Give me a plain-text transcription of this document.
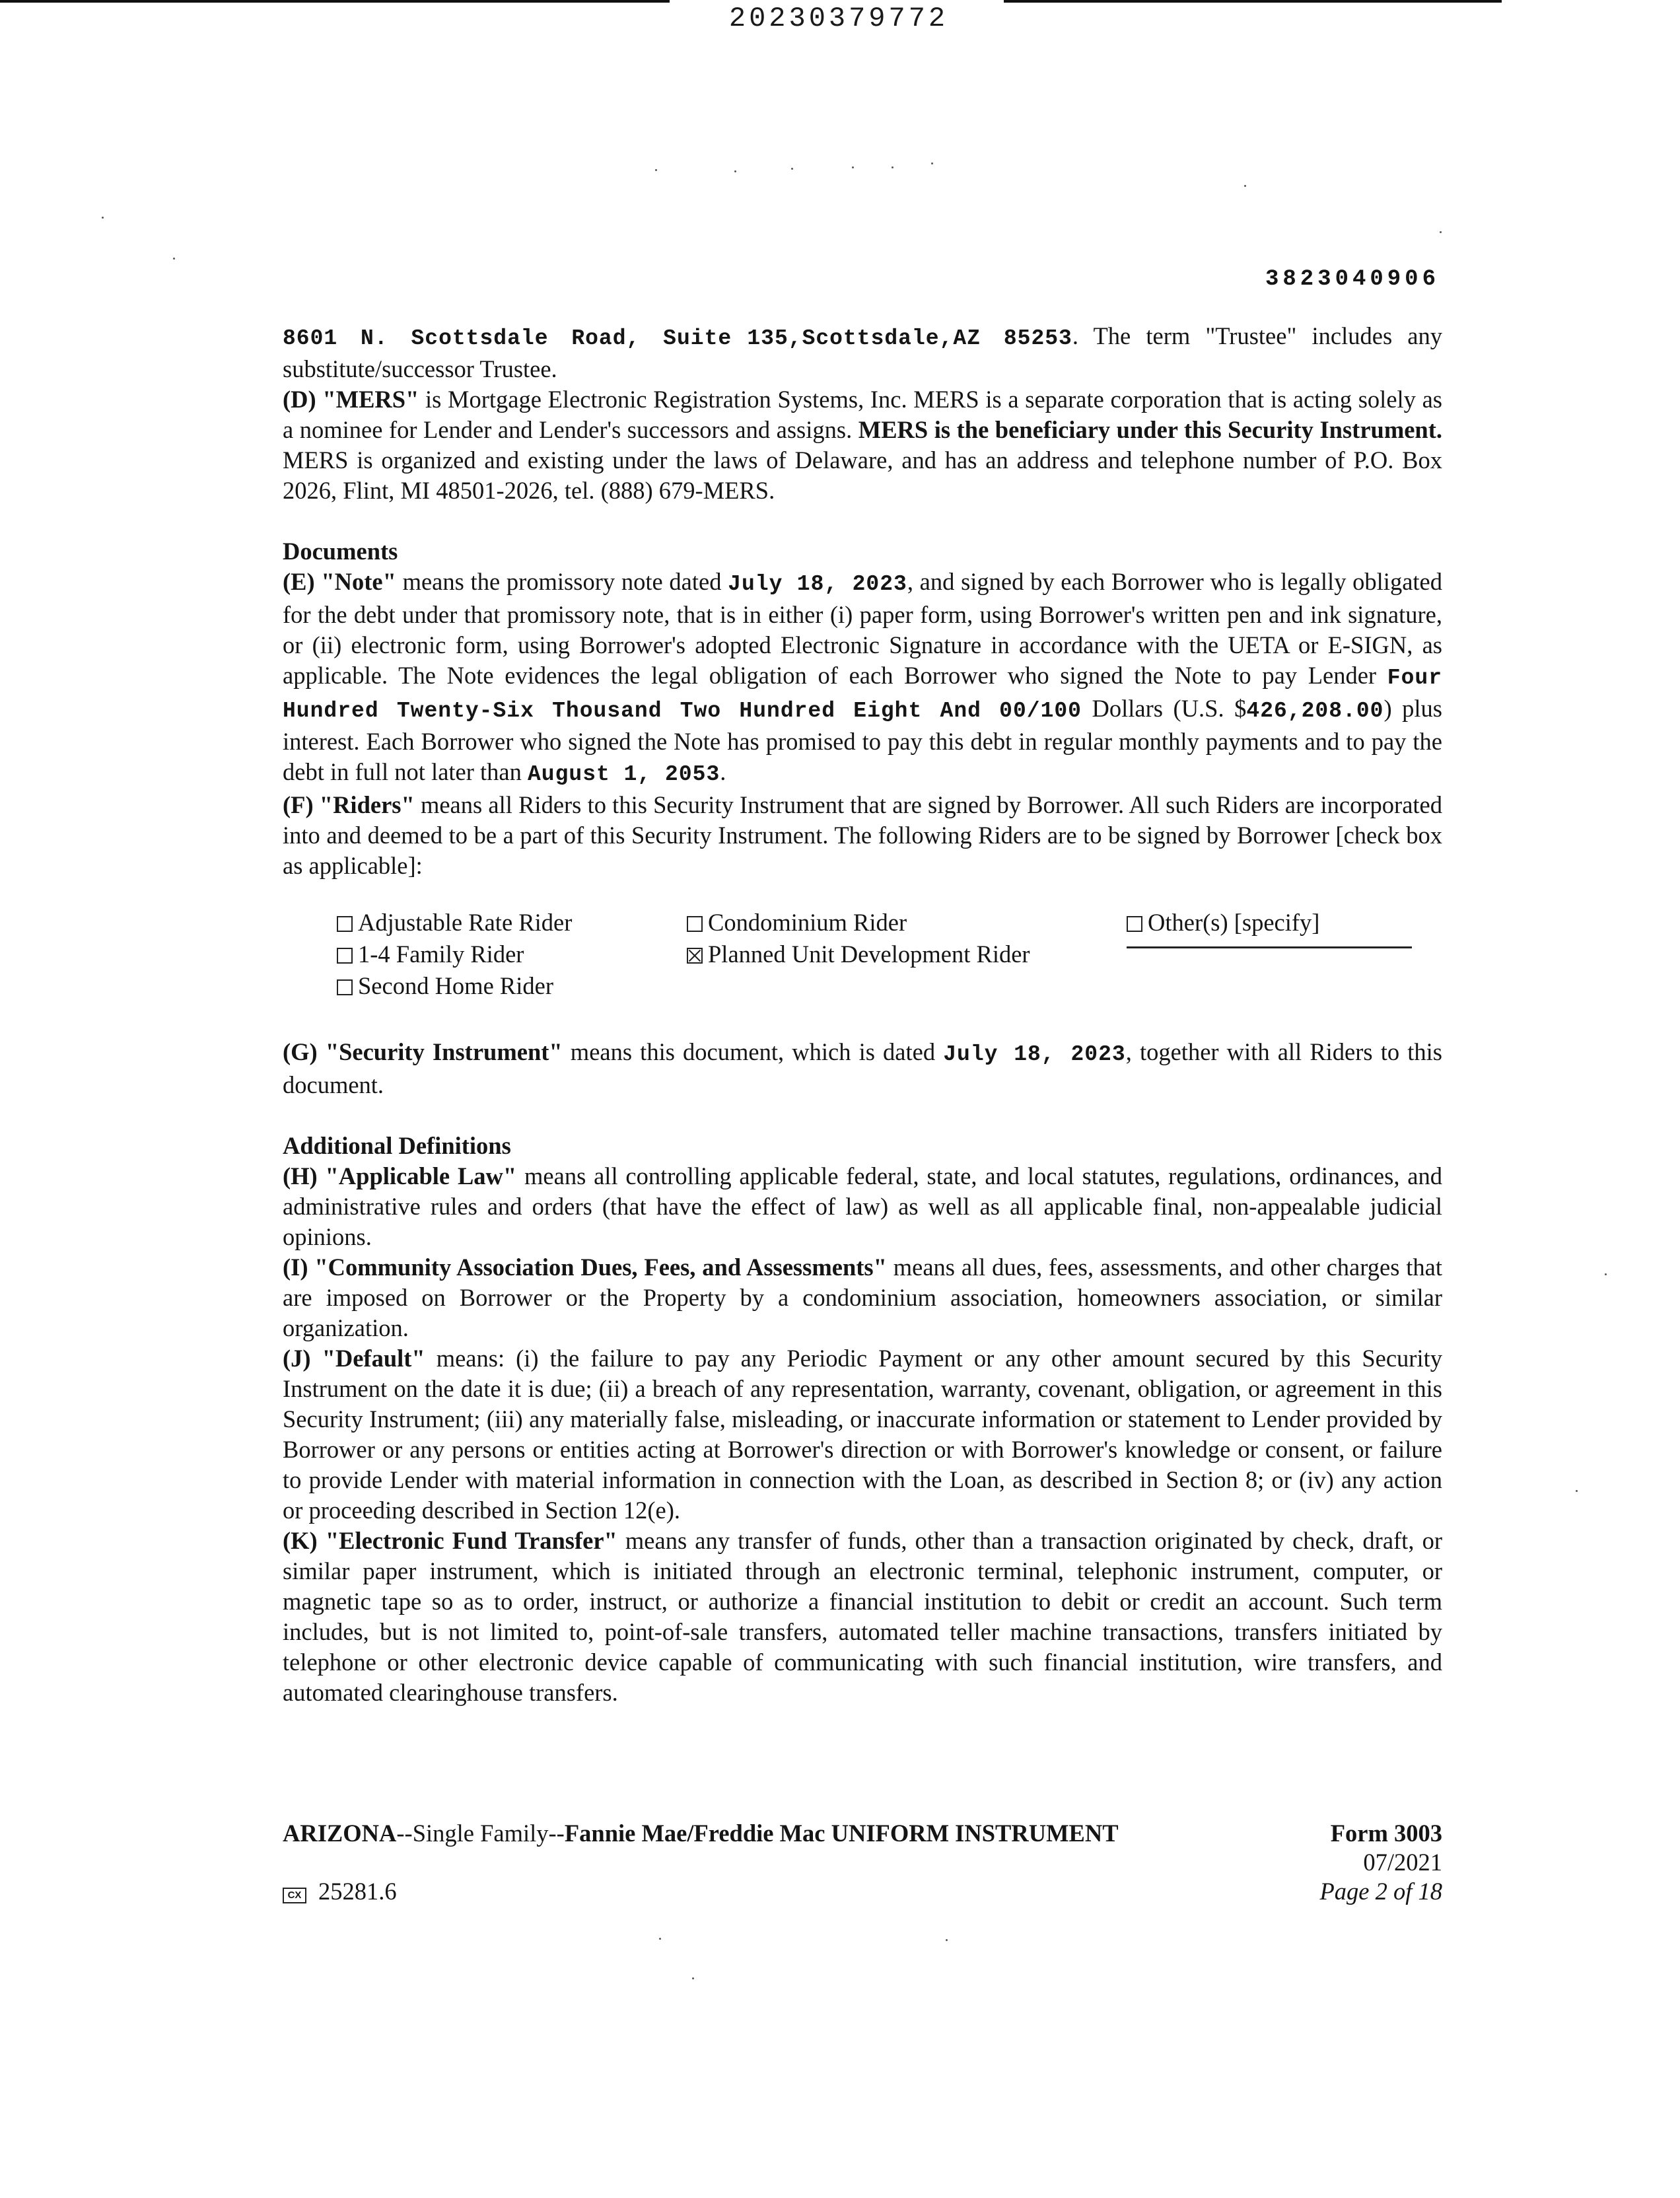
20230379772
3823040906

8601 N. Scottsdale Road, Suite 135,Scottsdale,AZ 85253. The term "Trustee" includes any substitute/successor Trustee.

(D) "MERS" is Mortgage Electronic Registration Systems, Inc. MERS is a separate corporation that is acting solely as a nominee for Lender and Lender's successors and assigns. MERS is the beneficiary under this Security Instrument. MERS is organized and existing under the laws of Delaware, and has an address and telephone number of P.O. Box 2026, Flint, MI 48501-2026, tel. (888) 679-MERS.

Documents

(E) "Note" means the promissory note dated July 18, 2023, and signed by each Borrower who is legally obligated for the debt under that promissory note, that is in either (i) paper form, using Borrower's written pen and ink signature, or (ii) electronic form, using Borrower's adopted Electronic Signature in accordance with the UETA or E-SIGN, as applicable. The Note evidences the legal obligation of each Borrower who signed the Note to pay Lender Four Hundred Twenty-Six Thousand Two Hundred Eight And 00/100 Dollars (U.S. $426,208.00) plus interest. Each Borrower who signed the Note has promised to pay this debt in regular monthly payments and to pay the debt in full not later than August 1, 2053.

(F) "Riders" means all Riders to this Security Instrument that are signed by Borrower. All such Riders are incorporated into and deemed to be a part of this Security Instrument. The following Riders are to be signed by Borrower [check box as applicable]:

Adjustable Rate Rider	Condominium Rider	Other(s) [specify]
1-4 Family Rider	Planned Unit Development Rider
Second Home Rider

(G) "Security Instrument" means this document, which is dated July 18, 2023, together with all Riders to this document.

Additional Definitions

(H) "Applicable Law" means all controlling applicable federal, state, and local statutes, regulations, ordinances, and administrative rules and orders (that have the effect of law) as well as all applicable final, non-appealable judicial opinions.

(I) "Community Association Dues, Fees, and Assessments" means all dues, fees, assessments, and other charges that are imposed on Borrower or the Property by a condominium association, homeowners association, or similar organization.

(J) "Default" means: (i) the failure to pay any Periodic Payment or any other amount secured by this Security Instrument on the date it is due; (ii) a breach of any representation, warranty, covenant, obligation, or agreement in this Security Instrument; (iii) any materially false, misleading, or inaccurate information or statement to Lender provided by Borrower or any persons or entities acting at Borrower's direction or with Borrower's knowledge or consent, or failure to provide Lender with material information in connection with the Loan, as described in Section 8; or (iv) any action or proceeding described in Section 12(e).

(K) "Electronic Fund Transfer" means any transfer of funds, other than a transaction originated by check, draft, or similar paper instrument, which is initiated through an electronic terminal, telephonic instrument, computer, or magnetic tape so as to order, instruct, or authorize a financial institution to debit or credit an account. Such term includes, but is not limited to, point-of-sale transfers, automated teller machine transactions, transfers initiated by telephone or other electronic device capable of communicating with such financial institution, wire transfers, and automated clearinghouse transfers.

ARIZONA--Single Family--Fannie Mae/Freddie Mac UNIFORM INSTRUMENT	Form 3003
07/2021
Page 2 of 18
CX 25281.6
